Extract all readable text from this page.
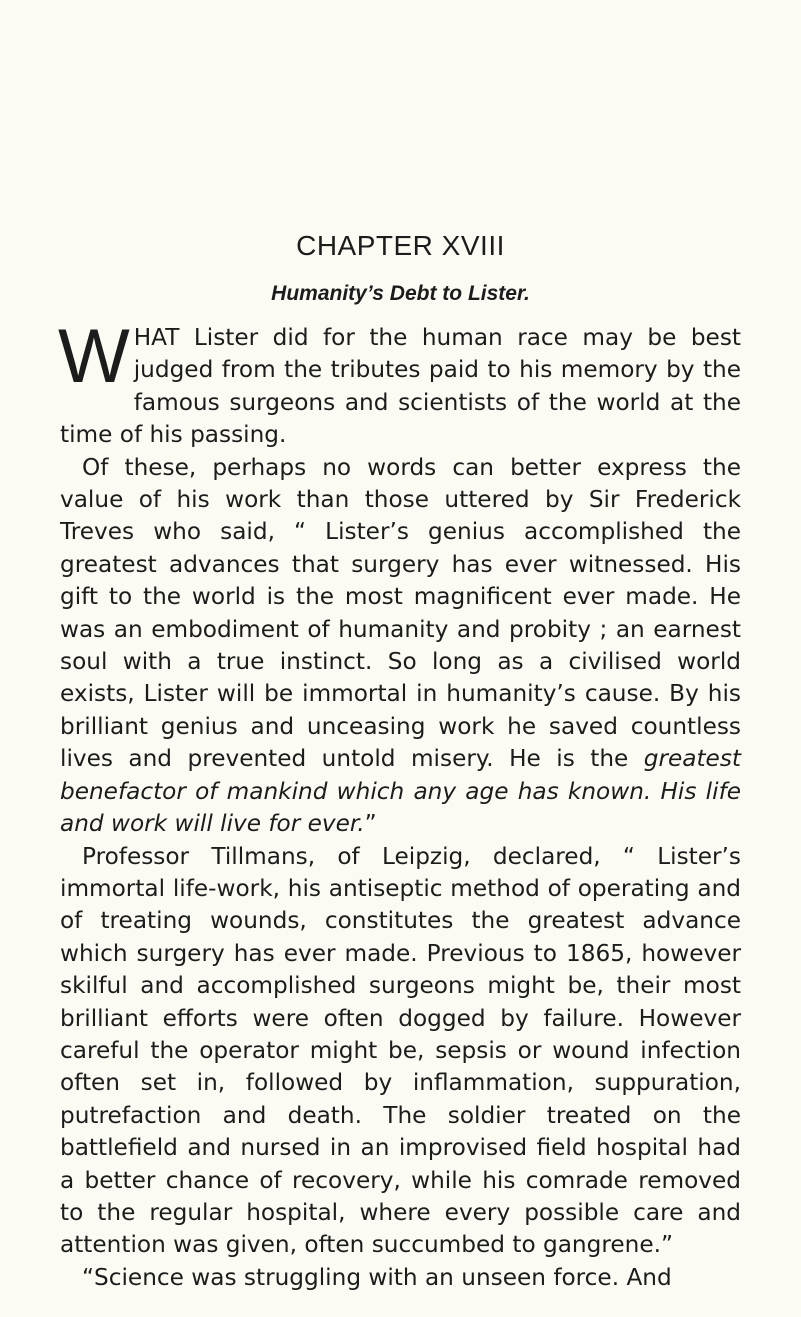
CHAPTER XVIII
Humanity’s Debt to Lister.

WHAT Lister did for the human race may be best judged from the tributes paid to his memory by the famous surgeons and scientists of the world at the time of his passing.

Of these, perhaps no words can better express the value of his work than those uttered by Sir Frederick Treves who said, “ Lister’s genius accomplished the greatest advances that surgery has ever witnessed. His gift to the world is the most magnificent ever made. He was an embodiment of humanity and probity ; an earnest soul with a true instinct. So long as a civilised world exists, Lister will be immortal in humanity’s cause. By his brilliant genius and unceasing work he saved countless lives and prevented untold misery. He is the greatest benefactor of mankind which any age has known. His life and work will live for ever.”

Professor Tillmans, of Leipzig, declared, “ Lister’s immortal life-work, his antiseptic method of operating and of treating wounds, constitutes the greatest advance which surgery has ever made. Previous to 1865, however skilful and accomplished surgeons might be, their most brilliant efforts were often dogged by failure. However careful the operator might be, sepsis or wound infection often set in, followed by inflammation, suppuration, putrefaction and death. The soldier treated on the battlefield and nursed in an improvised field hospital had a better chance of recovery, while his comrade removed to the regular hospital, where every possible care and attention was given, often succumbed to gangrene.”

“Science was struggling with an unseen force. And
